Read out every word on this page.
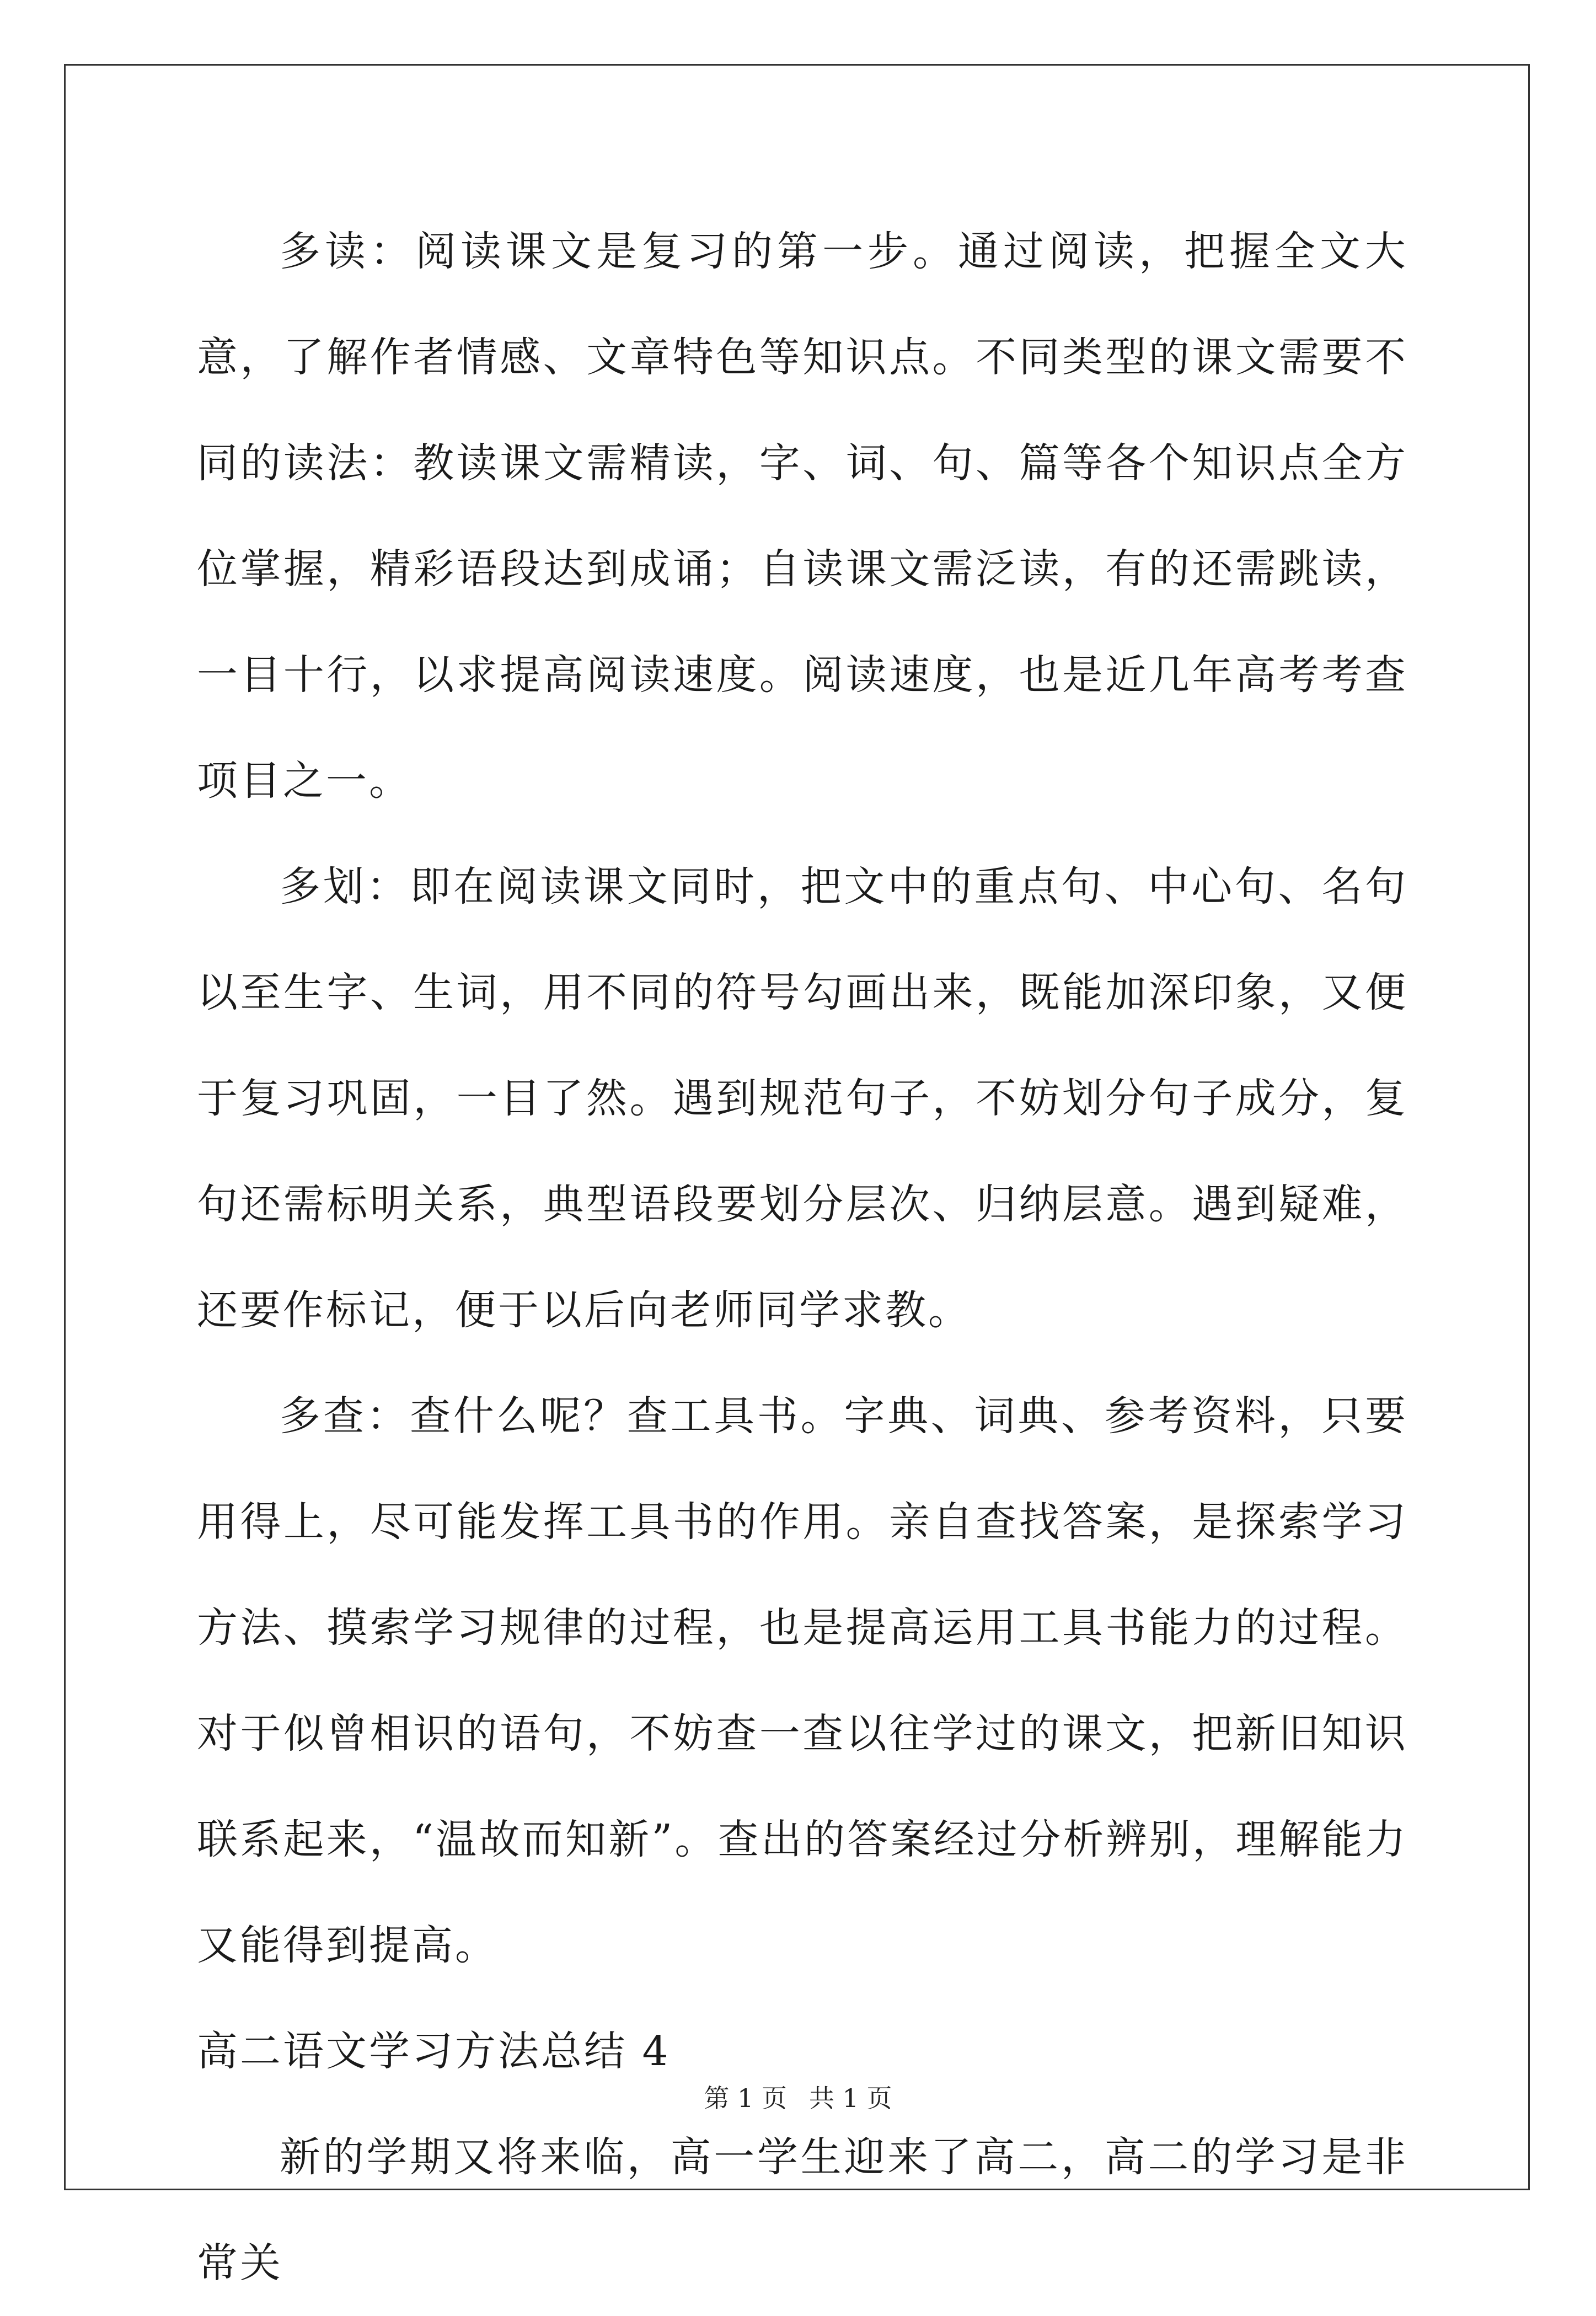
多读：阅读课文是复习的第一步。通过阅读，把握全文大意，了解作者情感、文章特色等知识点。不同类型的课文需要不同的读法：教读课文需精读，字、词、句、篇等各个知识点全方位掌握，精彩语段达到成诵；自读课文需泛读，有的还需跳读，一目十行，以求提高阅读速度。阅读速度，也是近几年高考考查项目之一。

多划：即在阅读课文同时，把文中的重点句、中心句、名句以至生字、生词，用不同的符号勾画出来，既能加深印象，又便于复习巩固，一目了然。遇到规范句子，不妨划分句子成分，复句还需标明关系，典型语段要划分层次、归纳层意。遇到疑难，还要作标记，便于以后向老师同学求教。

多查：查什么呢？查工具书。字典、词典、参考资料，只要用得上，尽可能发挥工具书的作用。亲自查找答案，是探索学习方法、摸索学习规律的过程，也是提高运用工具书能力的过程。对于似曾相识的语句，不妨查一查以往学过的课文，把新旧知识联系起来，“温故而知新”。查出的答案经过分析辨别，理解能力又能得到提高。

高二语文学习方法总结 4

新的学期又将来临，高一学生迎来了高二，高二的学习是非常关

第 1 页 共 1 页
